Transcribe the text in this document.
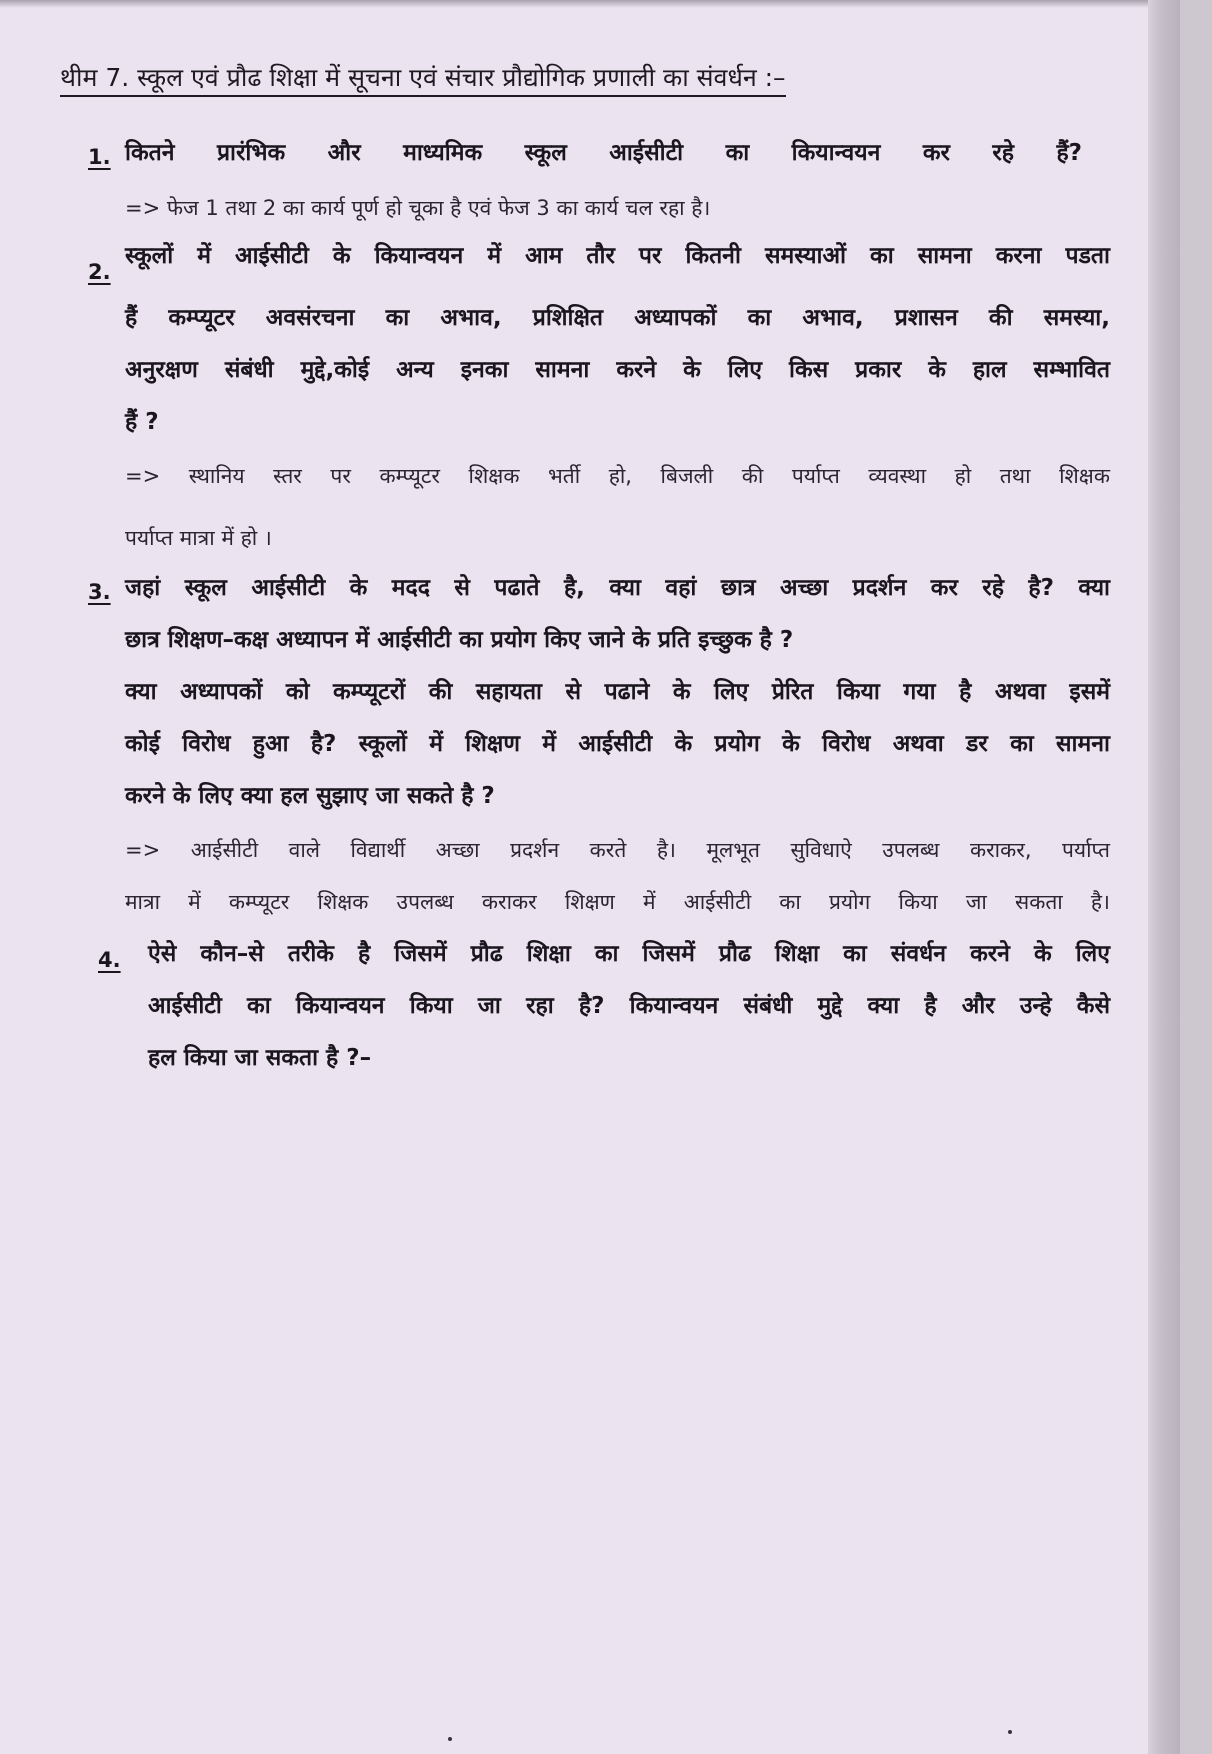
थीम 7. स्कूल एवं प्रौढ शिक्षा में सूचना एवं संचार प्रौद्योगिक प्रणाली का संवर्धन :–
1. कितने प्रारंभिक और माध्यमिक स्कूल आईसीटी का कियान्वयन कर रहे हैं?
=> फेज 1 तथा 2 का कार्य पूर्ण हो चूका है एवं फेज 3 का कार्य चल रहा है।
2.
स्कूलों में आईसीटी के कियान्वयन में आम तौर पर कितनी समस्याओं का सामना करना पडता
हैं कम्प्यूटर अवसंरचना का अभाव, प्रशिक्षित अध्यापकों का अभाव, प्रशासन की समस्या,
अनुरक्षण संबंधी मुद्दे,कोई अन्य इनका सामना करने के लिए किस प्रकार के हाल सम्भावित
हैं ?
=> स्थानिय स्तर पर कम्प्यूटर शिक्षक भर्ती हो, बिजली की पर्याप्त व्यवस्था हो तथा शिक्षक
पर्याप्त मात्रा में हो ।
3. जहां स्कूल आईसीटी के मदद से पढाते है, क्या वहां छात्र अच्छा प्रदर्शन कर रहे है? क्या
छात्र शिक्षण–कक्ष अध्यापन में आईसीटी का प्रयोग किए जाने के प्रति इच्छुक है ?
क्या अध्यापकों को कम्प्यूटरों की सहायता से पढाने के लिए प्रेरित किया गया है अथवा इसमें
कोई विरोध हुआ है? स्कूलों में शिक्षण में आईसीटी के प्रयोग के विरोध अथवा डर का सामना
करने के लिए क्या हल सुझाए जा सकते है ?
=> आईसीटी वाले विद्यार्थी अच्छा प्रदर्शन करते है। मूलभूत सुविधाऐ उपलब्ध कराकर, पर्याप्त
मात्रा में कम्प्यूटर शिक्षक उपलब्ध कराकर शिक्षण में आईसीटी का प्रयोग किया जा सकता है।
4. ऐसे कौन–से तरीके है जिसमें प्रौढ शिक्षा का जिसमें प्रौढ शिक्षा का संवर्धन करने के लिए
आईसीटी का कियान्वयन किया जा रहा है? कियान्वयन संबंधी मुद्दे क्या है और उन्हे कैसे
हल किया जा सकता है ?–
